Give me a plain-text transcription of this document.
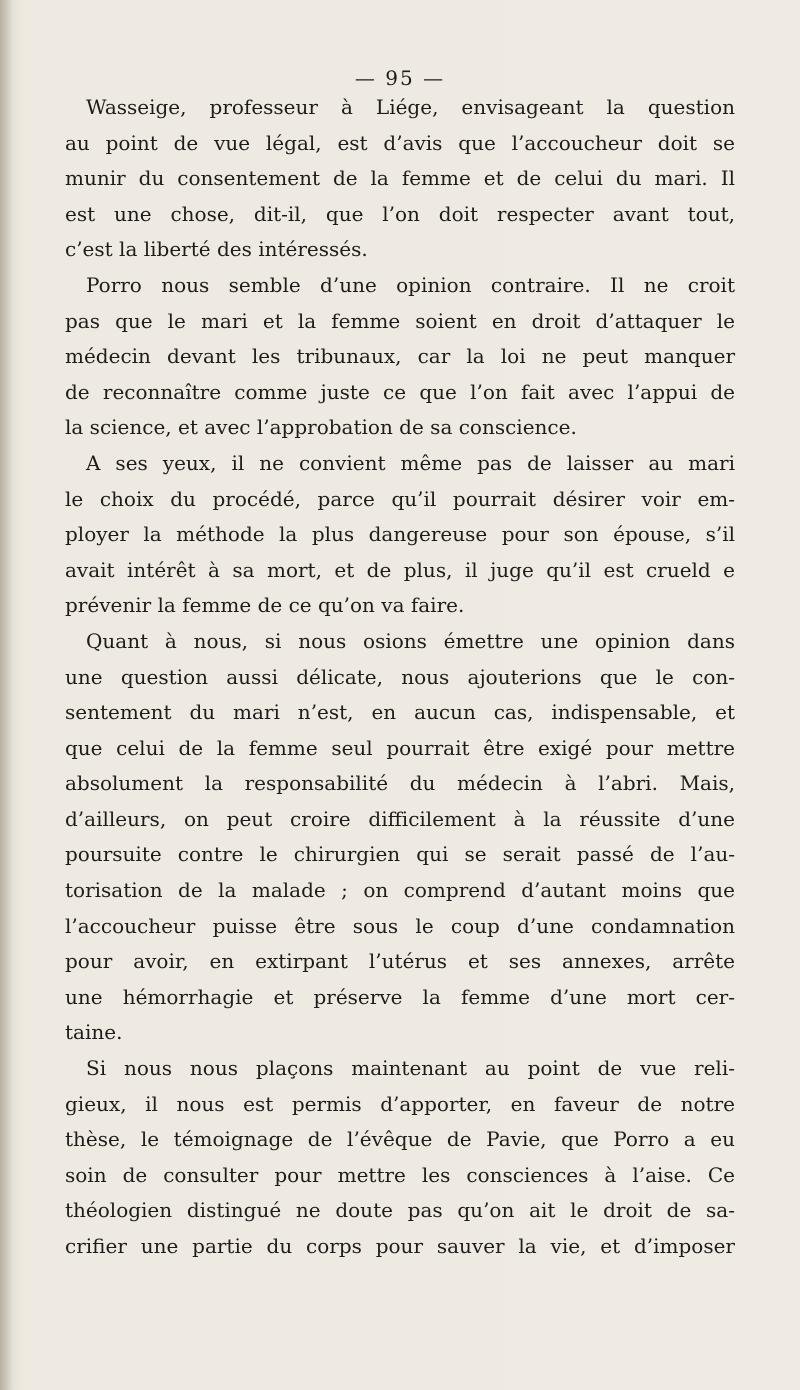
— 95 —

Wasseige, professeur à Liége, envisageant la question
au point de vue légal, est d’avis que l’accoucheur doit se
munir du consentement de la femme et de celui du mari. Il
est une chose, dit-il, que l’on doit respecter avant tout,
c’est la liberté des intéressés.

Porro nous semble d’une opinion contraire. Il ne croit
pas que le mari et la femme soient en droit d’attaquer le
médecin devant les tribunaux, car la loi ne peut manquer
de reconnaître comme juste ce que l’on fait avec l’appui de
la science, et avec l’approbation de sa conscience.

A ses yeux, il ne convient même pas de laisser au mari
le choix du procédé, parce qu’il pourrait désirer voir em-
ployer la méthode la plus dangereuse pour son épouse, s’il
avait intérêt à sa mort, et de plus, il juge qu’il est crueld e
prévenir la femme de ce qu’on va faire.

Quant à nous, si nous osions émettre une opinion dans
une question aussi délicate, nous ajouterions que le con-
sentement du mari n’est, en aucun cas, indispensable, et
que celui de la femme seul pourrait être exigé pour mettre
absolument la responsabilité du médecin à l’abri. Mais,
d’ailleurs, on peut croire difficilement à la réussite d’une
poursuite contre le chirurgien qui se serait passé de l’au-
torisation de la malade ; on comprend d’autant moins que
l’accoucheur puisse être sous le coup d’une condamnation
pour avoir, en extirpant l’utérus et ses annexes, arrête
une hémorrhagie et préserve la femme d’une mort cer-
taine.

Si nous nous plaçons maintenant au point de vue reli-
gieux, il nous est permis d’apporter, en faveur de notre
thèse, le témoignage de l’évêque de Pavie, que Porro a eu
soin de consulter pour mettre les consciences à l’aise. Ce
théologien distingué ne doute pas qu’on ait le droit de sa-
crifier une partie du corps pour sauver la vie, et d’imposer
